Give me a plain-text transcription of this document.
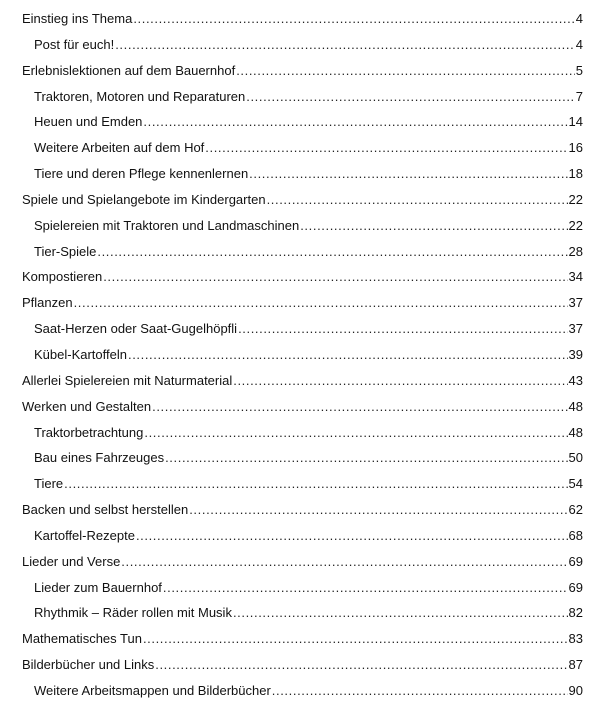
Einstieg ins Thema .....	4
Post für euch! .....	4
Erlebnislektionen auf dem Bauernhof .....	5
Traktoren, Motoren und Reparaturen .....	7
Heuen und Emden .....	14
Weitere Arbeiten auf dem Hof .....	16
Tiere und deren Pflege kennenlernen .....	18
Spiele und Spielangebote im Kindergarten .....	22
Spielereien mit Traktoren und Landmaschinen .....	22
Tier-Spiele .....	28
Kompostieren .....	34
Pflanzen .....	37
Saat-Herzen oder Saat-Gugelhöpfli .....	37
Kübel-Kartoffeln .....	39
Allerlei Spielereien mit Naturmaterial .....	43
Werken und Gestalten .....	48
Traktorbetrachtung .....	48
Bau eines Fahrzeuges .....	50
Tiere .....	54
Backen und selbst herstellen .....	62
Kartoffel-Rezepte .....	68
Lieder und Verse .....	69
Lieder zum Bauernhof .....	69
Rhythmik – Räder rollen mit Musik .....	82
Mathematisches Tun .....	83
Bilderbücher und Links .....	87
Weitere Arbeitsmappen und Bilderbücher .....	90
